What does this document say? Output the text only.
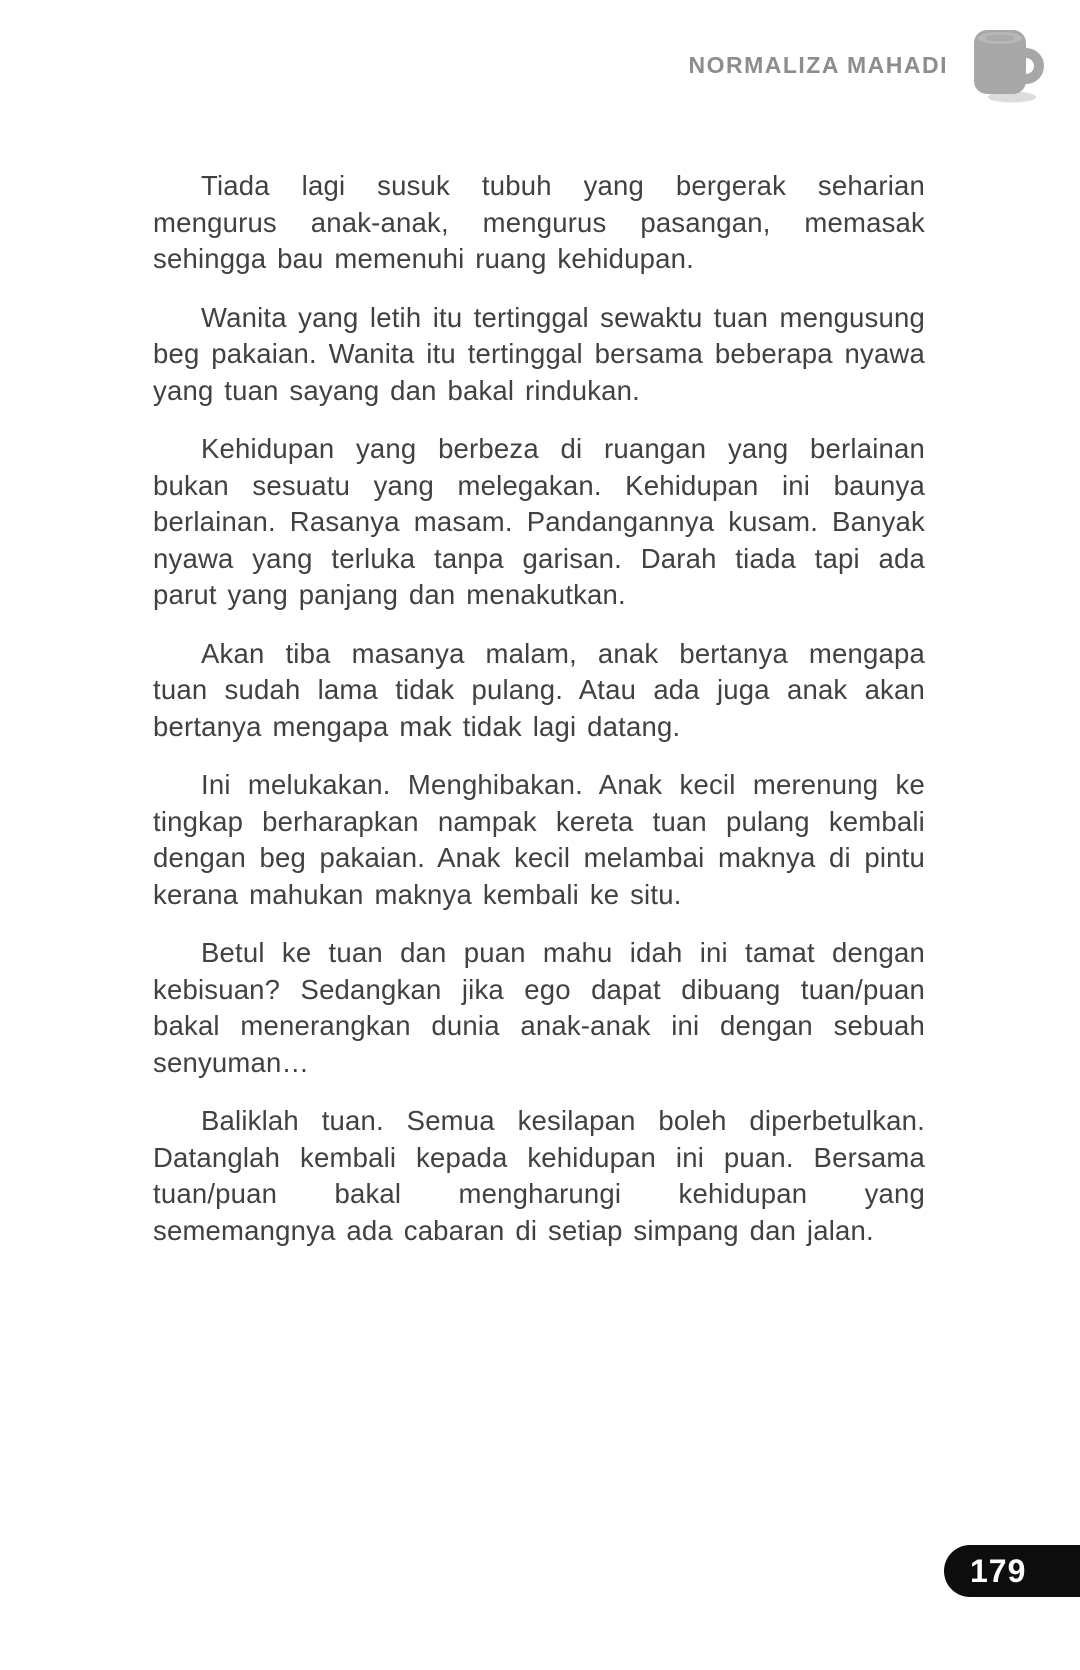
NORMALIZA MAHADI

Tiada lagi susuk tubuh yang bergerak seharian mengurus anak-anak, mengurus pasangan, memasak sehingga bau memenuhi ruang kehidupan.

Wanita yang letih itu tertinggal sewaktu tuan mengusung beg pakaian. Wanita itu tertinggal bersama beberapa nyawa yang tuan sayang dan bakal rindukan.

Kehidupan yang berbeza di ruangan yang berlainan bukan sesuatu yang melegakan. Kehidupan ini baunya berlainan. Rasanya masam. Pandangannya kusam. Banyak nyawa yang terluka tanpa garisan. Darah tiada tapi ada parut yang panjang dan menakutkan.

Akan tiba masanya malam, anak bertanya mengapa tuan sudah lama tidak pulang. Atau ada juga anak akan bertanya mengapa mak tidak lagi datang.

Ini melukakan. Menghibakan. Anak kecil merenung ke tingkap berharapkan nampak kereta tuan pulang kembali dengan beg pakaian. Anak kecil melambai maknya di pintu kerana mahukan maknya kembali ke situ.

Betul ke tuan dan puan mahu idah ini tamat dengan kebisuan? Sedangkan jika ego dapat dibuang tuan/puan bakal menerangkan dunia anak-anak ini dengan sebuah senyuman…

Baliklah tuan. Semua kesilapan boleh diperbetulkan. Datanglah kembali kepada kehidupan ini puan. Bersama tuan/puan bakal mengharungi kehidupan yang sememangnya ada cabaran di setiap simpang dan jalan.

179
